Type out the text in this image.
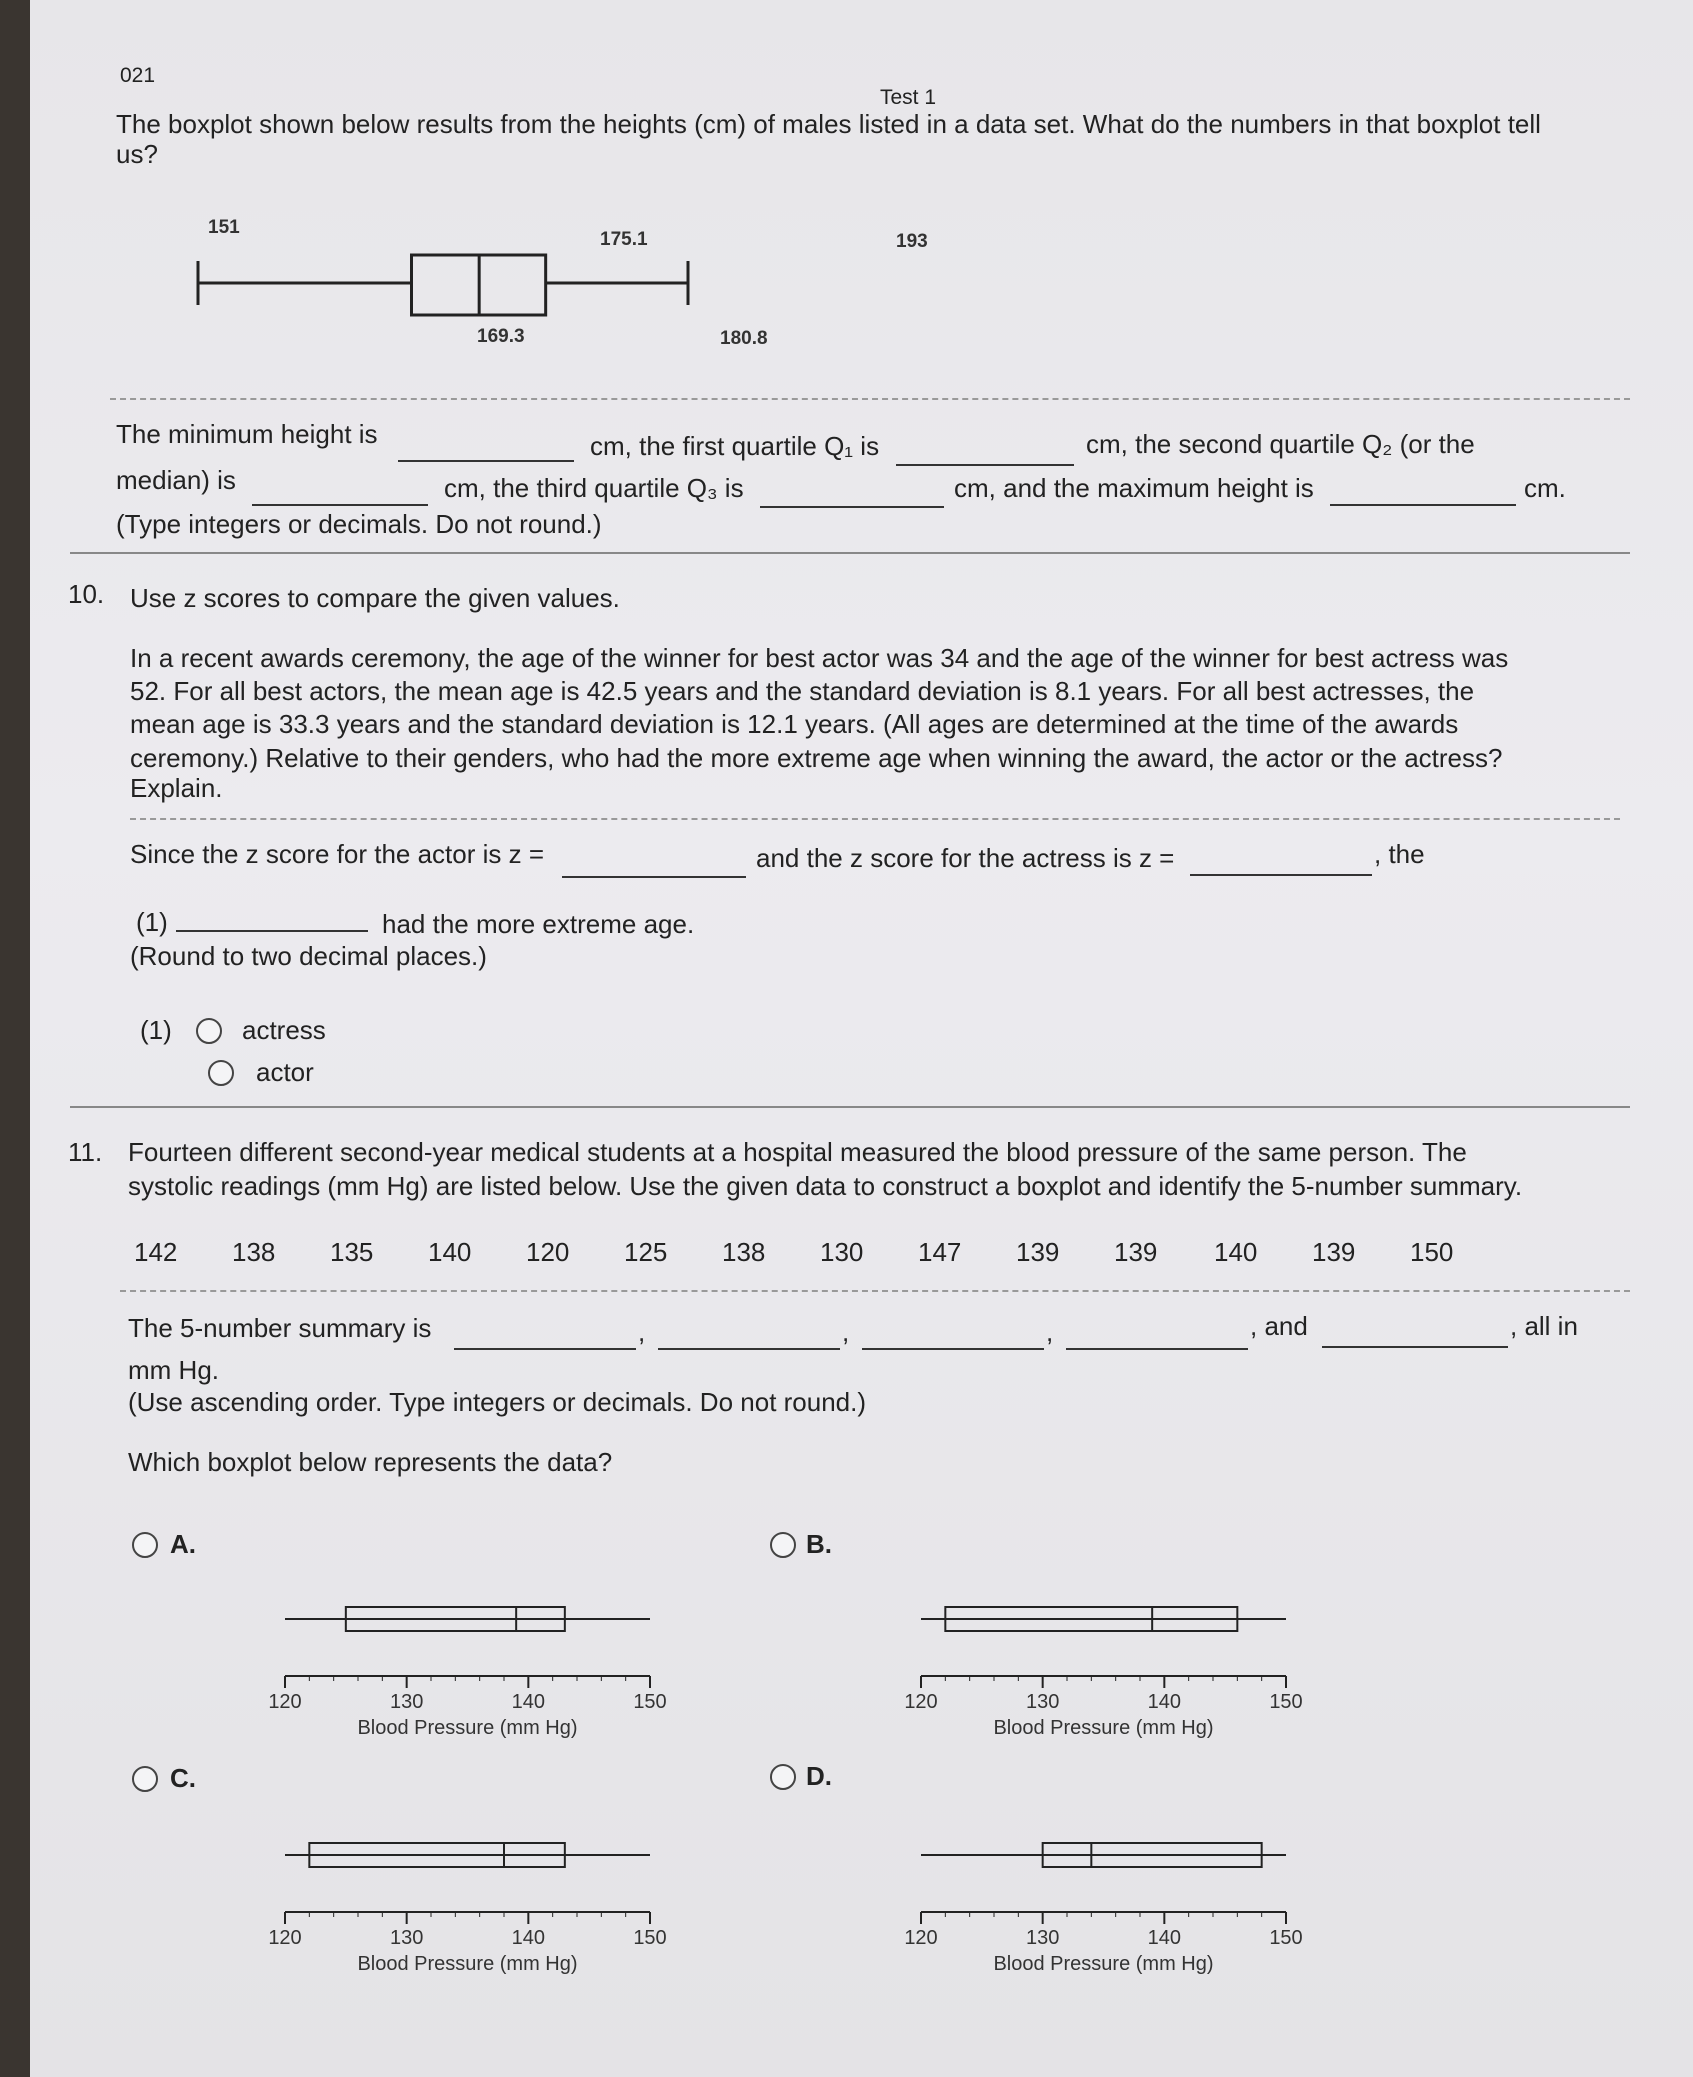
021
Test 1
The boxplot shown below results from the heights (cm) of males listed in a data set. What do the numbers in that boxplot tell
us?
151
175.1	193
169.3	180.8
The minimum height is	cm, the first quartile Q₁ is	cm, the second quartile Q₂ (or the
median) is	cm, the third quartile Q₃ is	cm, and the maximum height is	cm.
(Type integers or decimals. Do not round.)
10. Use z scores to compare the given values.
In a recent awards ceremony, the age of the winner for best actor was 34 and the age of the winner for best actress was
52. For all best actors, the mean age is 42.5 years and the standard deviation is 8.1 years. For all best actresses, the
mean age is 33.3 years and the standard deviation is 12.1 years. (All ages are determined at the time of the awards
ceremony.) Relative to their genders, who had the more extreme age when winning the award, the actor or the actress?
Explain.
Since the z score for the actor is z =	and the z score for the actress is z =	, the
(1)	had the more extreme age.
(Round to two decimal places.)
(1)	actress
actor
11. Fourteen different second-year medical students at a hospital measured the blood pressure of the same person. The
systolic readings (mm Hg) are listed below. Use the given data to construct a boxplot and identify the 5-number summary.
142 138 135 140 120 125 138 130 147 139 139 140 139 150
The 5-number summary is	,	,	,	, and	, all in
mm Hg.
(Use ascending order. Type integers or decimals. Do not round.)
Which boxplot below represents the data?
A.	B.
C.	D.
120	130	140	150
Blood Pressure (mm Hg)
120	130	140	150
Blood Pressure (mm Hg)
120	130	140	150
Blood Pressure (mm Hg)
120	130	140	150
Blood Pressure (mm Hg)
